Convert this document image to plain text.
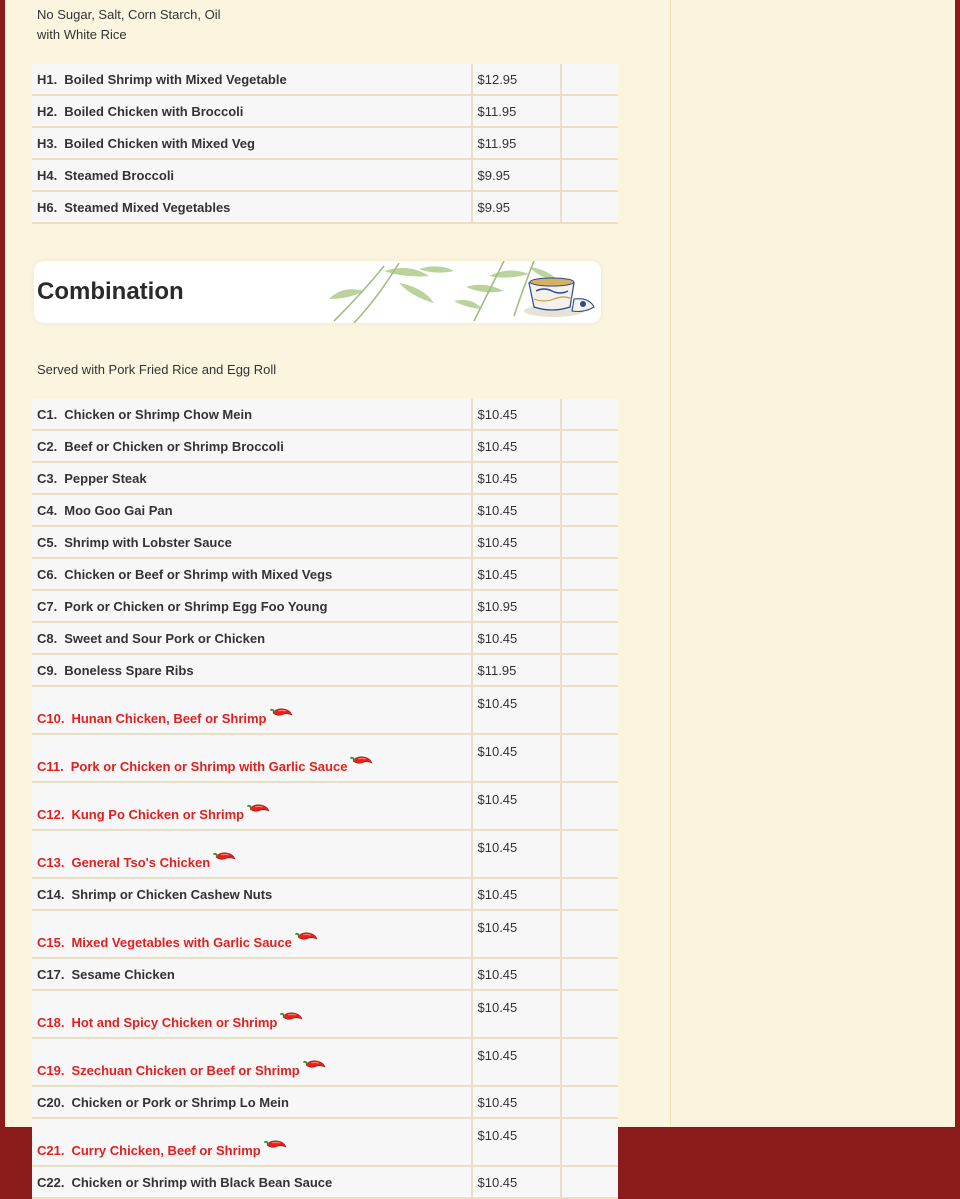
No Sugar, Salt, Corn Starch, Oil
with White Rice
H1. Boiled Shrimp with Mixed Vegetable	$12.95	
H2. Boiled Chicken with Broccoli	$11.95	
H3. Boiled Chicken with Mixed Veg	$11.95	
H4. Steamed Broccoli	$9.95	
H6. Steamed Mixed Vegetables	$9.95	
Combination
Served with Pork Fried Rice and Egg Roll
C1. Chicken or Shrimp Chow Mein	$10.45	
C2. Beef or Chicken or Shrimp Broccoli	$10.45	
C3. Pepper Steak	$10.45	
C4. Moo Goo Gai Pan	$10.45	
C5. Shrimp with Lobster Sauce	$10.45	
C6. Chicken or Beef or Shrimp with Mixed Vegs	$10.45	
C7. Pork or Chicken or Shrimp Egg Foo Young	$10.95	
C8. Sweet and Sour Pork or Chicken	$10.45	
C9. Boneless Spare Ribs	$11.95	
C10. Hunan Chicken, Beef or Shrimp	$10.45	
C11. Pork or Chicken or Shrimp with Garlic Sauce	$10.45	
C12. Kung Po Chicken or Shrimp	$10.45	
C13. General Tso's Chicken	$10.45	
C14. Shrimp or Chicken Cashew Nuts	$10.45	
C15. Mixed Vegetables with Garlic Sauce	$10.45	
C17. Sesame Chicken	$10.45	
C18. Hot and Spicy Chicken or Shrimp	$10.45	
C19. Szechuan Chicken or Beef or Shrimp	$10.45	
C20. Chicken or Pork or Shrimp Lo Mein	$10.45	
C21. Curry Chicken, Beef or Shrimp	$10.45	
C22. Chicken or Shrimp with Black Bean Sauce	$10.45	
